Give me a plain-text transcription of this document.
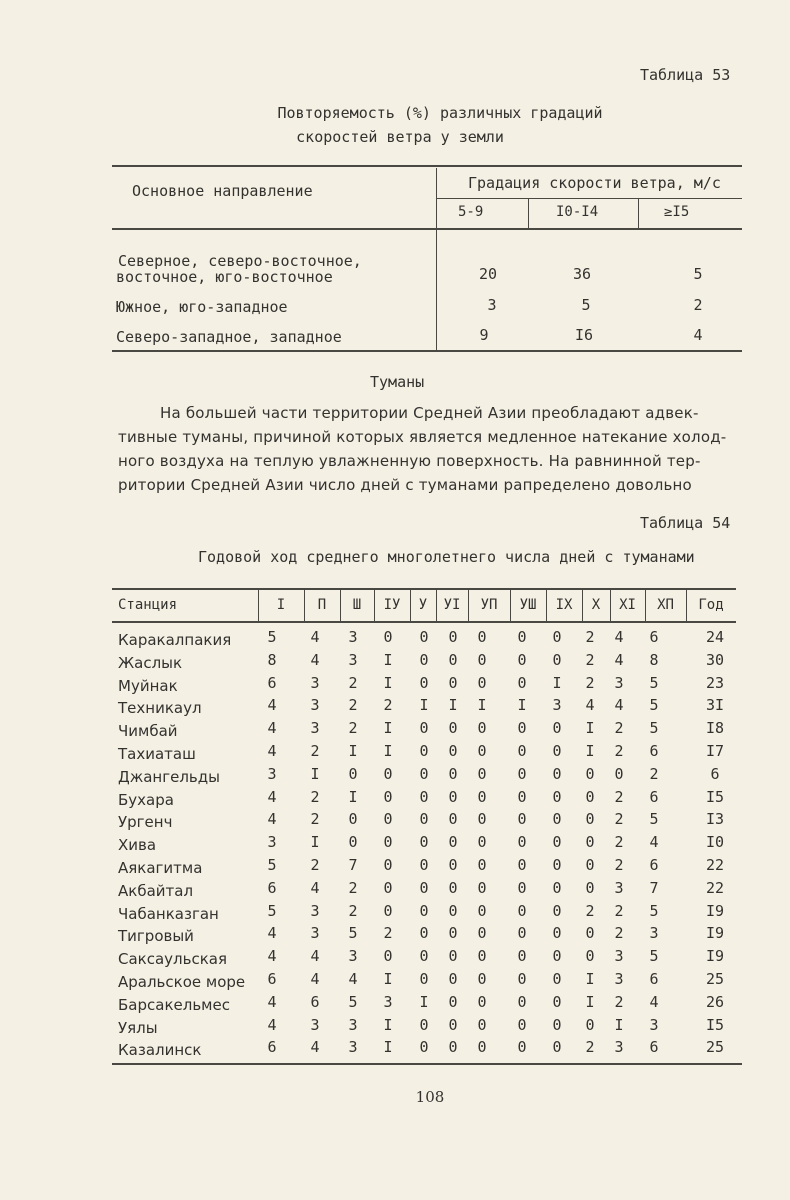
Таблица 53
Повторяемость (%) различных градаций
скоростей ветра у земли
Основное направление	Градация скорости ветра, м/с
5-9	I0-I4	≥I5
Северное, северо-восточное,
восточное, юго-восточное	20	36	5
Южное, юго-западное	3	5	2
Северо-западное, западное	9	I6	4
Туманы
На большей части территории Средней Азии преобладают адвек-
тивные туманы, причиной которых является медленное натекание холод-
ного воздуха на теплую увлажненную поверхность. На равнинной тер-
ритории Средней Азии число дней с туманами рапределено довольно
Таблица 54
Годовой ход среднего многолетнего числа дней с туманами
Станция	I	П	Ш	IУ	У	УI	УП	УШ	IX	X	XI	ХП	Год
Каракалпакия	5	4	3	0	0	0	0	0	0	2	4	6	24
Жаслык	8	4	3	I	0	0	0	0	0	2	4	8	30
Муйнак	6	3	2	I	0	0	0	0	I	2	3	5	23
Техникаул	4	3	2	2	I	I	I	I	3	4	4	5	3I
Чимбай	4	3	2	I	0	0	0	0	0	I	2	5	I8
Тахиаташ	4	2	I	I	0	0	0	0	0	I	2	6	I7
Джангельды	3	I	0	0	0	0	0	0	0	0	0	2	6
Бухара	4	2	I	0	0	0	0	0	0	0	2	6	I5
Ургенч	4	2	0	0	0	0	0	0	0	0	2	5	I3
Хива	3	I	0	0	0	0	0	0	0	0	2	4	I0
Аякагитма	5	2	7	0	0	0	0	0	0	0	2	6	22
Акбайтал	6	4	2	0	0	0	0	0	0	0	3	7	22
Чабанказган	5	3	2	0	0	0	0	0	0	2	2	5	I9
Тигровый	4	3	5	2	0	0	0	0	0	0	2	3	I9
Саксаульская	4	4	3	0	0	0	0	0	0	0	3	5	I9
Аральское море	6	4	4	I	0	0	0	0	0	I	3	6	25
Барсакельмес	4	6	5	3	I	0	0	0	0	I	2	4	26
Уялы	4	3	3	I	0	0	0	0	0	0	I	3	I5
Казалинск	6	4	3	I	0	0	0	0	0	2	3	6	25
108
